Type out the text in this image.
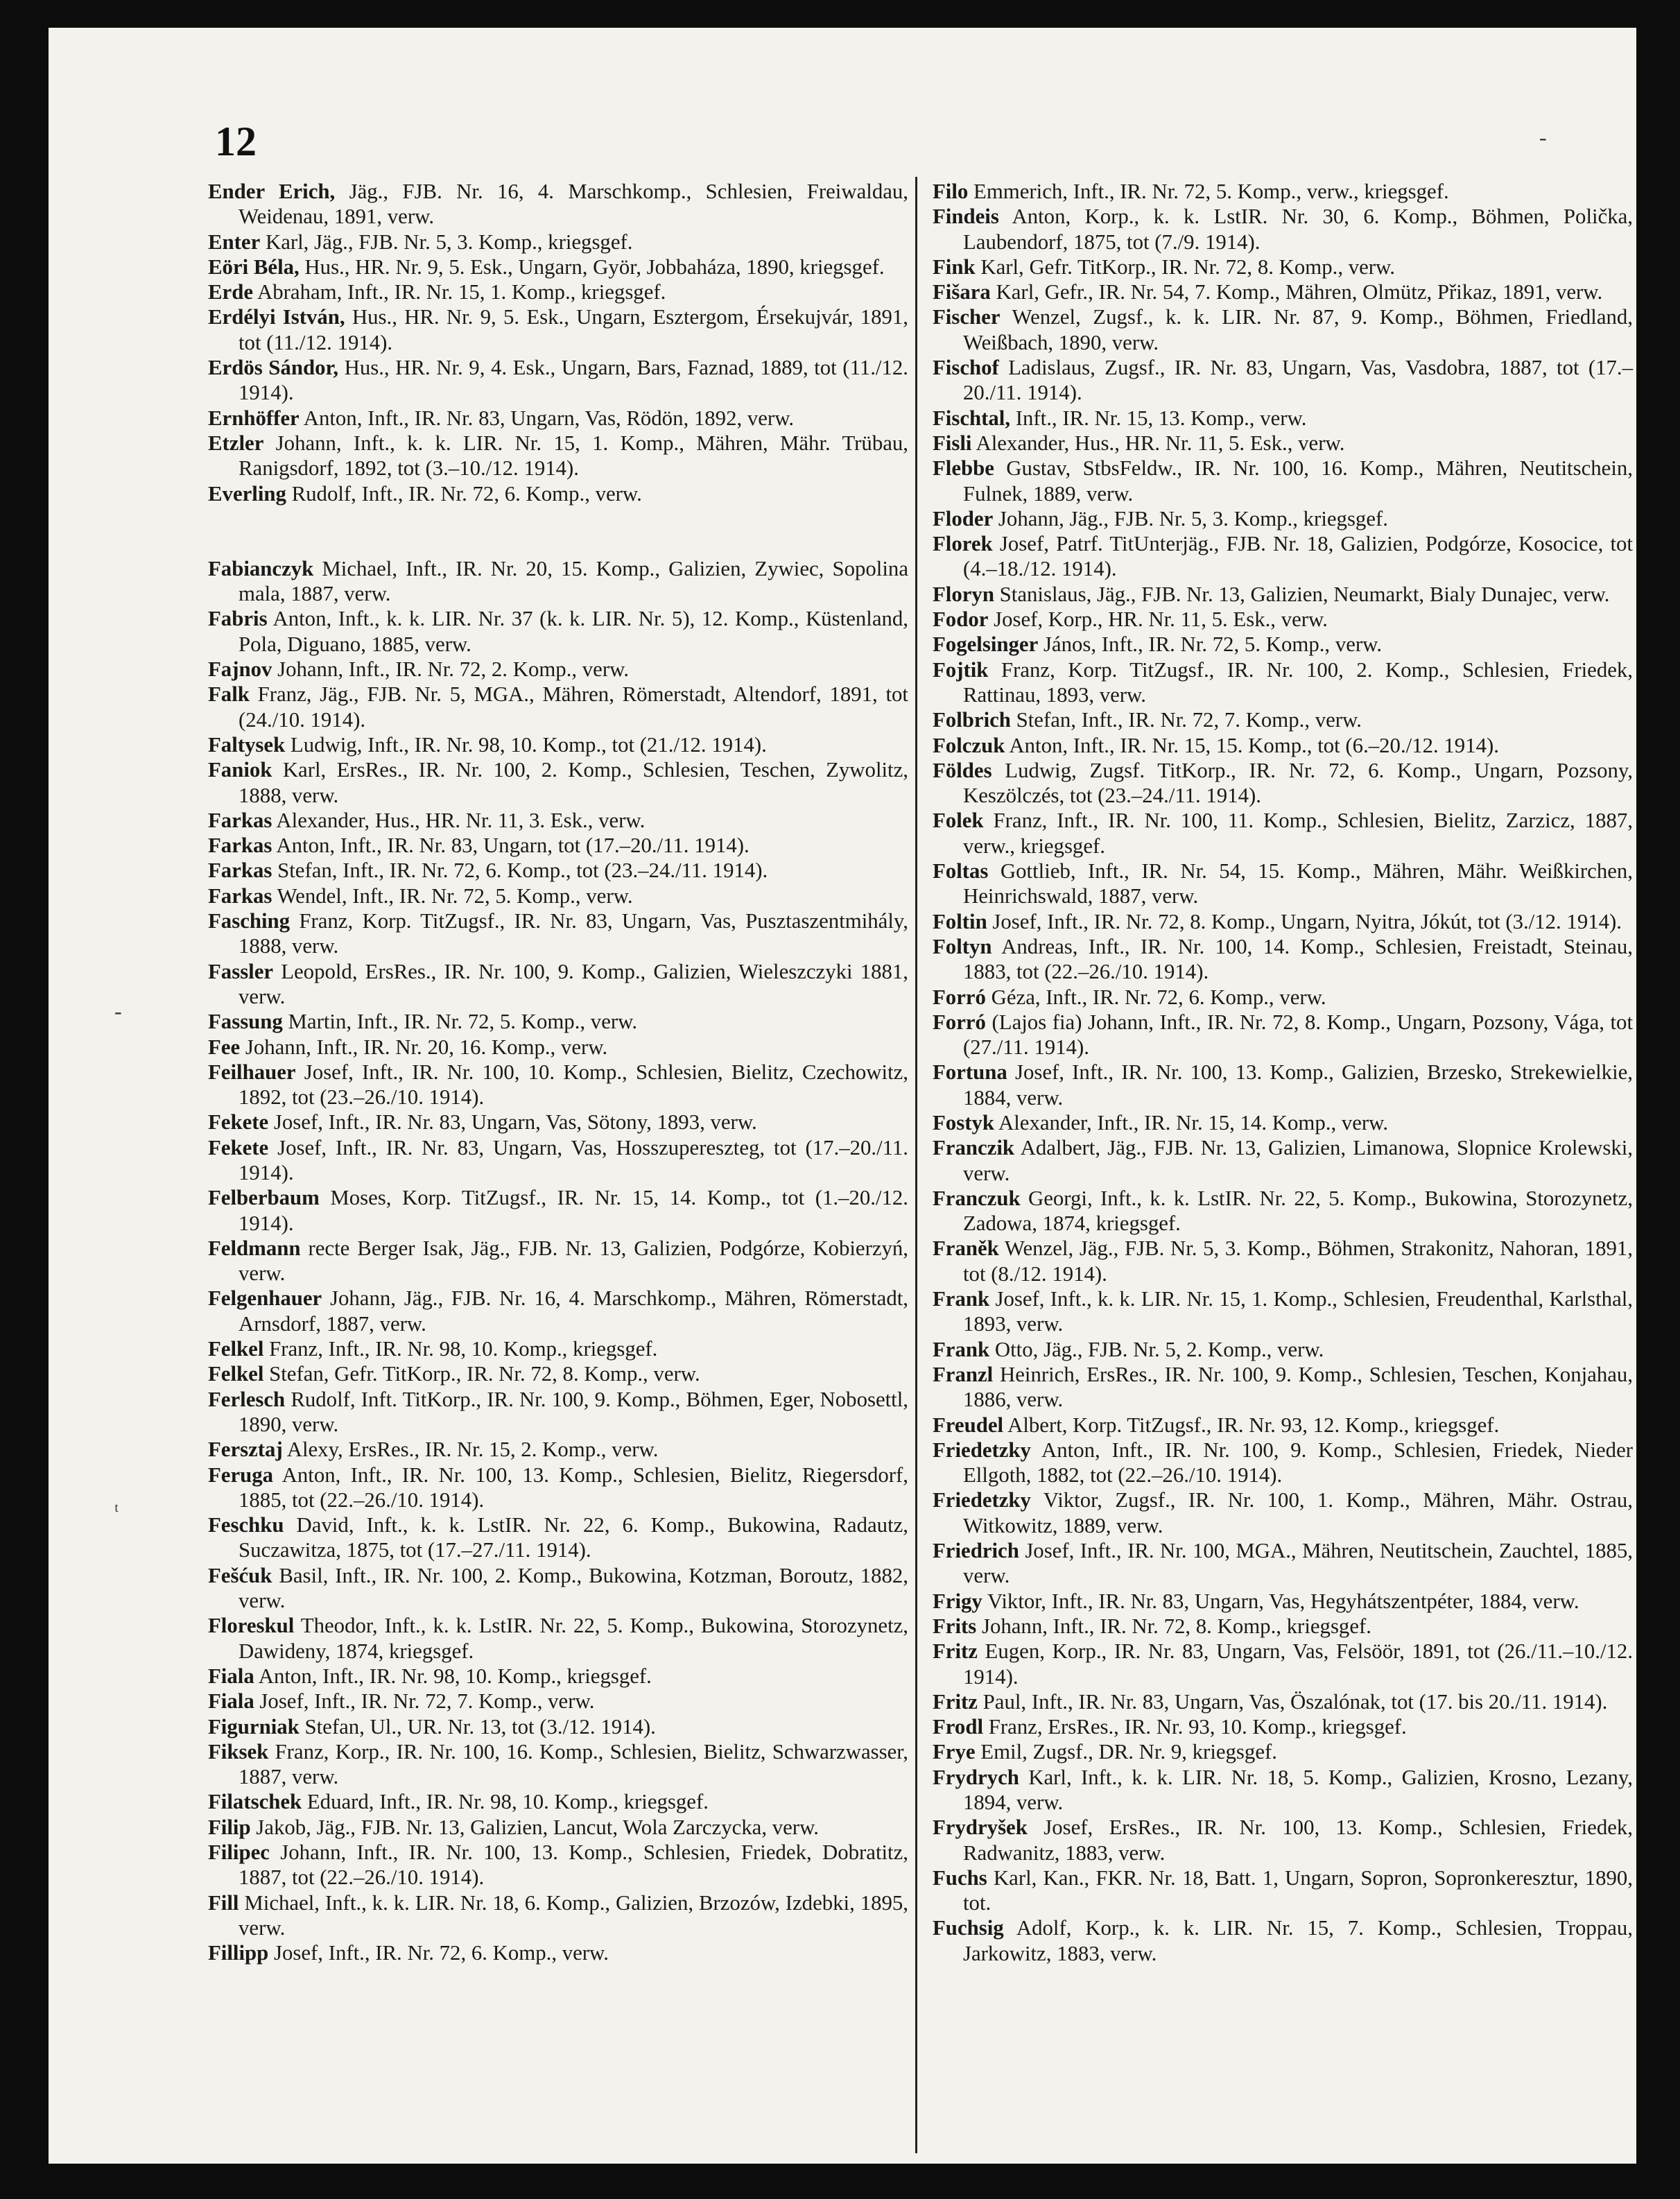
12

Ender Erich, Jäg., FJB. Nr. 16, 4. Marschkomp., Schlesien, Freiwaldau, Weidenau, 1891, verw.

Enter Karl, Jäg., FJB. Nr. 5, 3. Komp., kriegsgef.

Eöri Béla, Hus., HR. Nr. 9, 5. Esk., Ungarn, Györ, Jobbaháza, 1890, kriegsgef.

Erde Abraham, Inft., IR. Nr. 15, 1. Komp., kriegsgef.

Erdélyi István, Hus., HR. Nr. 9, 5. Esk., Ungarn, Esztergom, Érsekujvár, 1891, tot (11./12. 1914).

Erdös Sándor, Hus., HR. Nr. 9, 4. Esk., Ungarn, Bars, Faznad, 1889, tot (11./12. 1914).

Ernhöffer Anton, Inft., IR. Nr. 83, Ungarn, Vas, Rödön, 1892, verw.

Etzler Johann, Inft., k. k. LIR. Nr. 15, 1. Komp., Mähren, Mähr. Trübau, Ranigsdorf, 1892, tot (3.–10./12. 1914).

Everling Rudolf, Inft., IR. Nr. 72, 6. Komp., verw.

Fabianczyk Michael, Inft., IR. Nr. 20, 15. Komp., Galizien, Zywiec, Sopolina mala, 1887, verw.

Fabris Anton, Inft., k. k. LIR. Nr. 37 (k. k. LIR. Nr. 5), 12. Komp., Küstenland, Pola, Diguano, 1885, verw.

Fajnov Johann, Inft., IR. Nr. 72, 2. Komp., verw.

Falk Franz, Jäg., FJB. Nr. 5, MGA., Mähren, Römerstadt, Altendorf, 1891, tot (24./10. 1914).

Faltysek Ludwig, Inft., IR. Nr. 98, 10. Komp., tot (21./12. 1914).

Faniok Karl, ErsRes., IR. Nr. 100, 2. Komp., Schlesien, Teschen, Zywolitz, 1888, verw.

Farkas Alexander, Hus., HR. Nr. 11, 3. Esk., verw.

Farkas Anton, Inft., IR. Nr. 83, Ungarn, tot (17.–20./11. 1914).

Farkas Stefan, Inft., IR. Nr. 72, 6. Komp., tot (23.–24./11. 1914).

Farkas Wendel, Inft., IR. Nr. 72, 5. Komp., verw.

Fasching Franz, Korp. TitZugsf., IR. Nr. 83, Ungarn, Vas, Pusztaszentmihály, 1888, verw.

Fassler Leopold, ErsRes., IR. Nr. 100, 9. Komp., Galizien, Wieleszczyki 1881, verw.

Fassung Martin, Inft., IR. Nr. 72, 5. Komp., verw.

Fee Johann, Inft., IR. Nr. 20, 16. Komp., verw.

Feilhauer Josef, Inft., IR. Nr. 100, 10. Komp., Schlesien, Bielitz, Czechowitz, 1892, tot (23.–26./10. 1914).

Fekete Josef, Inft., IR. Nr. 83, Ungarn, Vas, Sötony, 1893, verw.

Fekete Josef, Inft., IR. Nr. 83, Ungarn, Vas, Hosszupereszteg, tot (17.–20./11. 1914).

Felberbaum Moses, Korp. TitZugsf., IR. Nr. 15, 14. Komp., tot (1.–20./12. 1914).

Feldmann recte Berger Isak, Jäg., FJB. Nr. 13, Galizien, Podgórze, Kobierzyń, verw.

Felgenhauer Johann, Jäg., FJB. Nr. 16, 4. Marschkomp., Mähren, Römerstadt, Arnsdorf, 1887, verw.

Felkel Franz, Inft., IR. Nr. 98, 10. Komp., kriegsgef.

Felkel Stefan, Gefr. TitKorp., IR. Nr. 72, 8. Komp., verw.

Ferlesch Rudolf, Inft. TitKorp., IR. Nr. 100, 9. Komp., Böhmen, Eger, Nobosettl, 1890, verw.

Fersztaj Alexy, ErsRes., IR. Nr. 15, 2. Komp., verw.

Feruga Anton, Inft., IR. Nr. 100, 13. Komp., Schlesien, Bielitz, Riegersdorf, 1885, tot (22.–26./10. 1914).

Feschku David, Inft., k. k. LstIR. Nr. 22, 6. Komp., Bukowina, Radautz, Suczawitza, 1875, tot (17.–27./11. 1914).

Fešćuk Basil, Inft., IR. Nr. 100, 2. Komp., Bukowina, Kotzman, Boroutz, 1882, verw.

Floreskul Theodor, Inft., k. k. LstIR. Nr. 22, 5. Komp., Bukowina, Storozynetz, Dawideny, 1874, kriegsgef.

Fiala Anton, Inft., IR. Nr. 98, 10. Komp., kriegsgef.

Fiala Josef, Inft., IR. Nr. 72, 7. Komp., verw.

Figurniak Stefan, Ul., UR. Nr. 13, tot (3./12. 1914).

Fiksek Franz, Korp., IR. Nr. 100, 16. Komp., Schlesien, Bielitz, Schwarzwasser, 1887, verw.

Filatschek Eduard, Inft., IR. Nr. 98, 10. Komp., kriegsgef.

Filip Jakob, Jäg., FJB. Nr. 13, Galizien, Lancut, Wola Zarczycka, verw.

Filipec Johann, Inft., IR. Nr. 100, 13. Komp., Schlesien, Friedek, Dobratitz, 1887, tot (22.–26./10. 1914).

Fill Michael, Inft., k. k. LIR. Nr. 18, 6. Komp., Galizien, Brzozów, Izdebki, 1895, verw.

Fillipp Josef, Inft., IR. Nr. 72, 6. Komp., verw.

Filo Emmerich, Inft., IR. Nr. 72, 5. Komp., verw., kriegsgef.

Findeis Anton, Korp., k. k. LstIR. Nr. 30, 6. Komp., Böhmen, Polička, Laubendorf, 1875, tot (7./9. 1914).

Fink Karl, Gefr. TitKorp., IR. Nr. 72, 8. Komp., verw.

Fišara Karl, Gefr., IR. Nr. 54, 7. Komp., Mähren, Olmütz, Přikaz, 1891, verw.

Fischer Wenzel, Zugsf., k. k. LIR. Nr. 87, 9. Komp., Böhmen, Friedland, Weißbach, 1890, verw.

Fischof Ladislaus, Zugsf., IR. Nr. 83, Ungarn, Vas, Vasdobra, 1887, tot (17.–20./11. 1914).

Fischtal, Inft., IR. Nr. 15, 13. Komp., verw.

Fisli Alexander, Hus., HR. Nr. 11, 5. Esk., verw.

Flebbe Gustav, StbsFeldw., IR. Nr. 100, 16. Komp., Mähren, Neutitschein, Fulnek, 1889, verw.

Floder Johann, Jäg., FJB. Nr. 5, 3. Komp., kriegsgef.

Florek Josef, Patrf. TitUnterjäg., FJB. Nr. 18, Galizien, Podgórze, Kosocice, tot (4.–18./12. 1914).

Floryn Stanislaus, Jäg., FJB. Nr. 13, Galizien, Neumarkt, Bialy Dunajec, verw.

Fodor Josef, Korp., HR. Nr. 11, 5. Esk., verw.

Fogelsinger János, Inft., IR. Nr. 72, 5. Komp., verw.

Fojtik Franz, Korp. TitZugsf., IR. Nr. 100, 2. Komp., Schlesien, Friedek, Rattinau, 1893, verw.

Folbrich Stefan, Inft., IR. Nr. 72, 7. Komp., verw.

Folczuk Anton, Inft., IR. Nr. 15, 15. Komp., tot (6.–20./12. 1914).

Földes Ludwig, Zugsf. TitKorp., IR. Nr. 72, 6. Komp., Ungarn, Pozsony, Keszölczés, tot (23.–24./11. 1914).

Folek Franz, Inft., IR. Nr. 100, 11. Komp., Schlesien, Bielitz, Zarzicz, 1887, verw., kriegsgef.

Foltas Gottlieb, Inft., IR. Nr. 54, 15. Komp., Mähren, Mähr. Weißkirchen, Heinrichswald, 1887, verw.

Foltin Josef, Inft., IR. Nr. 72, 8. Komp., Ungarn, Nyitra, Jókút, tot (3./12. 1914).

Foltyn Andreas, Inft., IR. Nr. 100, 14. Komp., Schlesien, Freistadt, Steinau, 1883, tot (22.–26./10. 1914).

Forró Géza, Inft., IR. Nr. 72, 6. Komp., verw.

Forró (Lajos fia) Johann, Inft., IR. Nr. 72, 8. Komp., Ungarn, Pozsony, Vága, tot (27./11. 1914).

Fortuna Josef, Inft., IR. Nr. 100, 13. Komp., Galizien, Brzesko, Strekewielkie, 1884, verw.

Fostyk Alexander, Inft., IR. Nr. 15, 14. Komp., verw.

Franczik Adalbert, Jäg., FJB. Nr. 13, Galizien, Limanowa, Slopnice Krolewski, verw.

Franczuk Georgi, Inft., k. k. LstIR. Nr. 22, 5. Komp., Bukowina, Storozynetz, Zadowa, 1874, kriegsgef.

Franěk Wenzel, Jäg., FJB. Nr. 5, 3. Komp., Böhmen, Strakonitz, Nahoran, 1891, tot (8./12. 1914).

Frank Josef, Inft., k. k. LIR. Nr. 15, 1. Komp., Schlesien, Freudenthal, Karlsthal, 1893, verw.

Frank Otto, Jäg., FJB. Nr. 5, 2. Komp., verw.

Franzl Heinrich, ErsRes., IR. Nr. 100, 9. Komp., Schlesien, Teschen, Konjahau, 1886, verw.

Freudel Albert, Korp. TitZugsf., IR. Nr. 93, 12. Komp., kriegsgef.

Friedetzky Anton, Inft., IR. Nr. 100, 9. Komp., Schlesien, Friedek, Nieder Ellgoth, 1882, tot (22.–26./10. 1914).

Friedetzky Viktor, Zugsf., IR. Nr. 100, 1. Komp., Mähren, Mähr. Ostrau, Witkowitz, 1889, verw.

Friedrich Josef, Inft., IR. Nr. 100, MGA., Mähren, Neutitschein, Zauchtel, 1885, verw.

Frigy Viktor, Inft., IR. Nr. 83, Ungarn, Vas, Hegyhátszentpéter, 1884, verw.

Frits Johann, Inft., IR. Nr. 72, 8. Komp., kriegsgef.

Fritz Eugen, Korp., IR. Nr. 83, Ungarn, Vas, Felsöör, 1891, tot (26./11.–10./12. 1914).

Fritz Paul, Inft., IR. Nr. 83, Ungarn, Vas, Öszalónak, tot (17. bis 20./11. 1914).

Frodl Franz, ErsRes., IR. Nr. 93, 10. Komp., kriegsgef.

Frye Emil, Zugsf., DR. Nr. 9, kriegsgef.

Frydrych Karl, Inft., k. k. LIR. Nr. 18, 5. Komp., Galizien, Krosno, Lezany, 1894, verw.

Frydryšek Josef, ErsRes., IR. Nr. 100, 13. Komp., Schlesien, Friedek, Radwanitz, 1883, verw.

Fuchs Karl, Kan., FKR. Nr. 18, Batt. 1, Ungarn, Sopron, Sopronkeresztur, 1890, tot.

Fuchsig Adolf, Korp., k. k. LIR. Nr. 15, 7. Komp., Schlesien, Troppau, Jarkowitz, 1883, verw.

-
-
ᵗ
